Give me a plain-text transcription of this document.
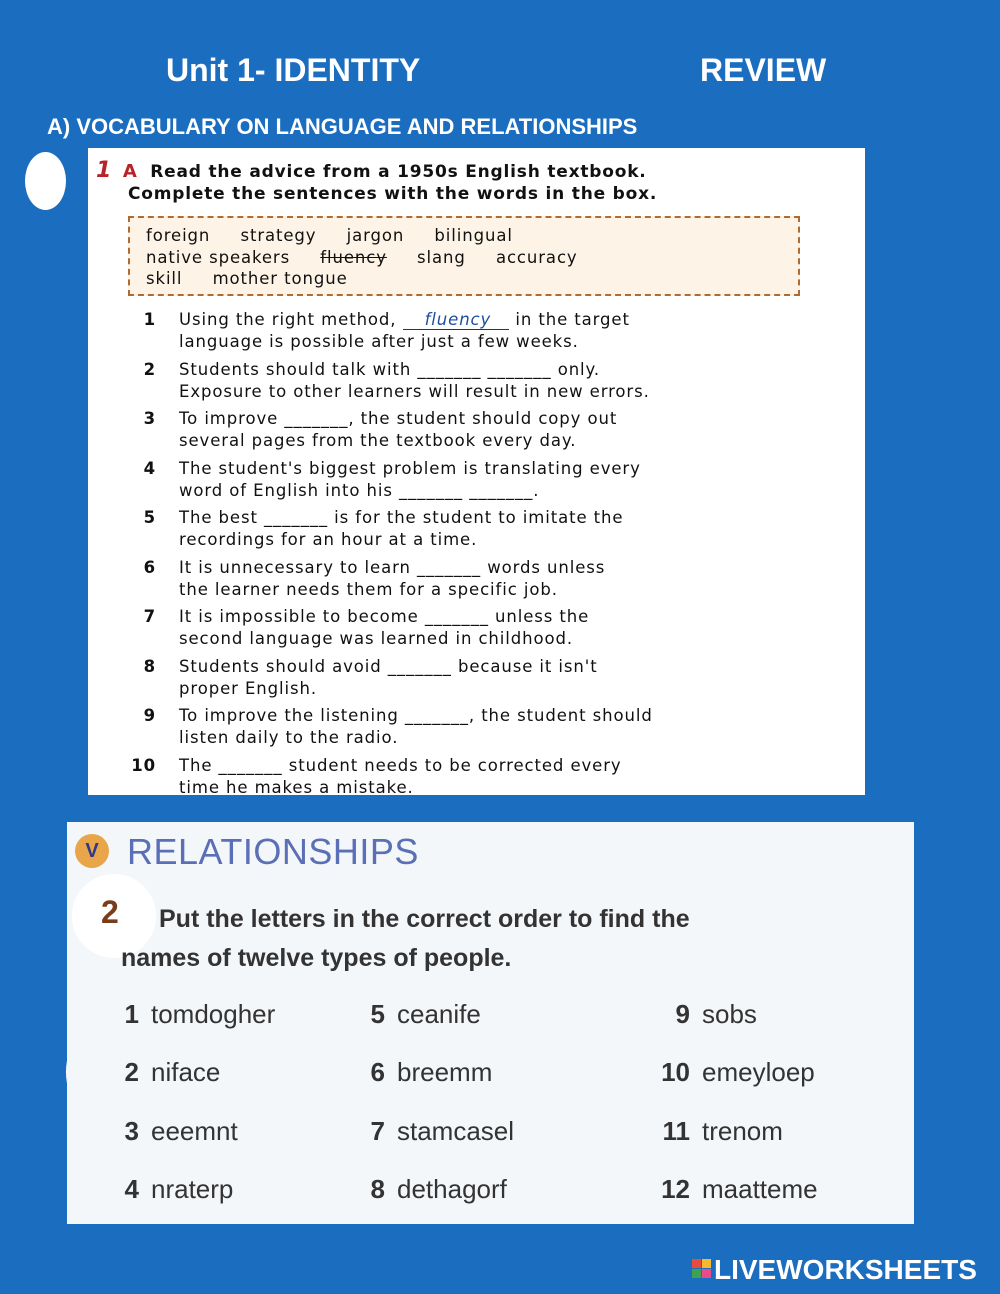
Unit 1- IDENTITY	REVIEW
A) VOCABULARY ON LANGUAGE AND RELATIONSHIPS
1 A Read the advice from a 1950s English textbook.
Complete the sentences with the words in the box.
foreign strategy jargon bilingual
native speakers fluency slang accuracy
skill mother tongue
1 Using the right method, fluency in the target
language is possible after just a few weeks.
2 Students should talk with _______ _______ only.
Exposure to other learners will result in new errors.
3 To improve _______, the student should copy out
several pages from the textbook every day.
4 The student's biggest problem is translating every
word of English into his _______ _______.
5 The best _______ is for the student to imitate the
recordings for an hour at a time.
6 It is unnecessary to learn _______ words unless
the learner needs them for a specific job.
7 It is impossible to become _______ unless the
second language was learned in childhood.
8 Students should avoid _______ because it isn't
proper English.
9 To improve the listening _______, the student should
listen daily to the radio.
10 The _______ student needs to be corrected every
time he makes a mistake.
V RELATIONSHIPS
Put the letters in the correct order to find the
names of twelve types of people.
2
1 tomdogher
2 niface
3 eeemnt
4 nraterp
5 ceanife
6 breemm
7 stamcasel
8 dethagorf
9 sobs
10 emeyloep
11 trenom
12 maatteme
LIVEWORKSHEETS
